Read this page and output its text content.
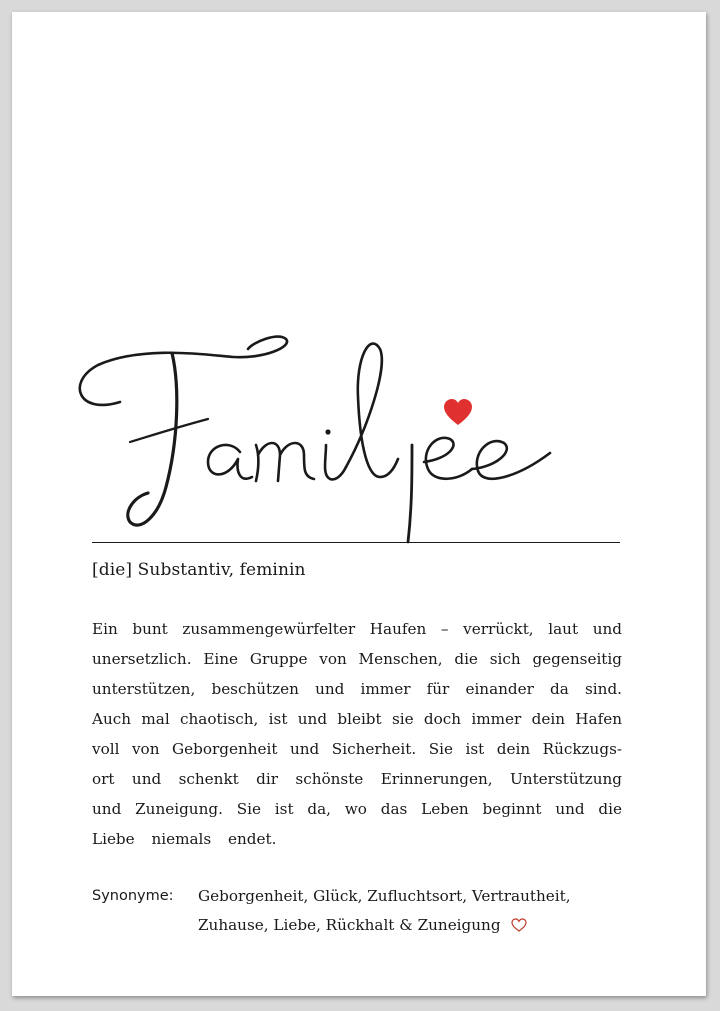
[die] Substantiv, feminin
Ein bunt zusammengewürfelter Haufen – verrückt, laut und
unersetzlich. Eine Gruppe von Menschen, die sich gegenseitig
unterstützen, beschützen und immer für einander da sind.
Auch mal chaotisch, ist und bleibt sie doch immer dein Hafen
voll von Geborgenheit und Sicherheit. Sie ist dein Rückzugs-
ort und schenkt dir schönste Erinnerungen, Unterstützung
und Zuneigung. Sie ist da, wo das Leben beginnt und die
Liebe niemals endet.
Synonyme: Geborgenheit, Glück, Zufluchtsort, Vertrautheit,
Zuhause, Liebe, Rückhalt & Zuneigung
